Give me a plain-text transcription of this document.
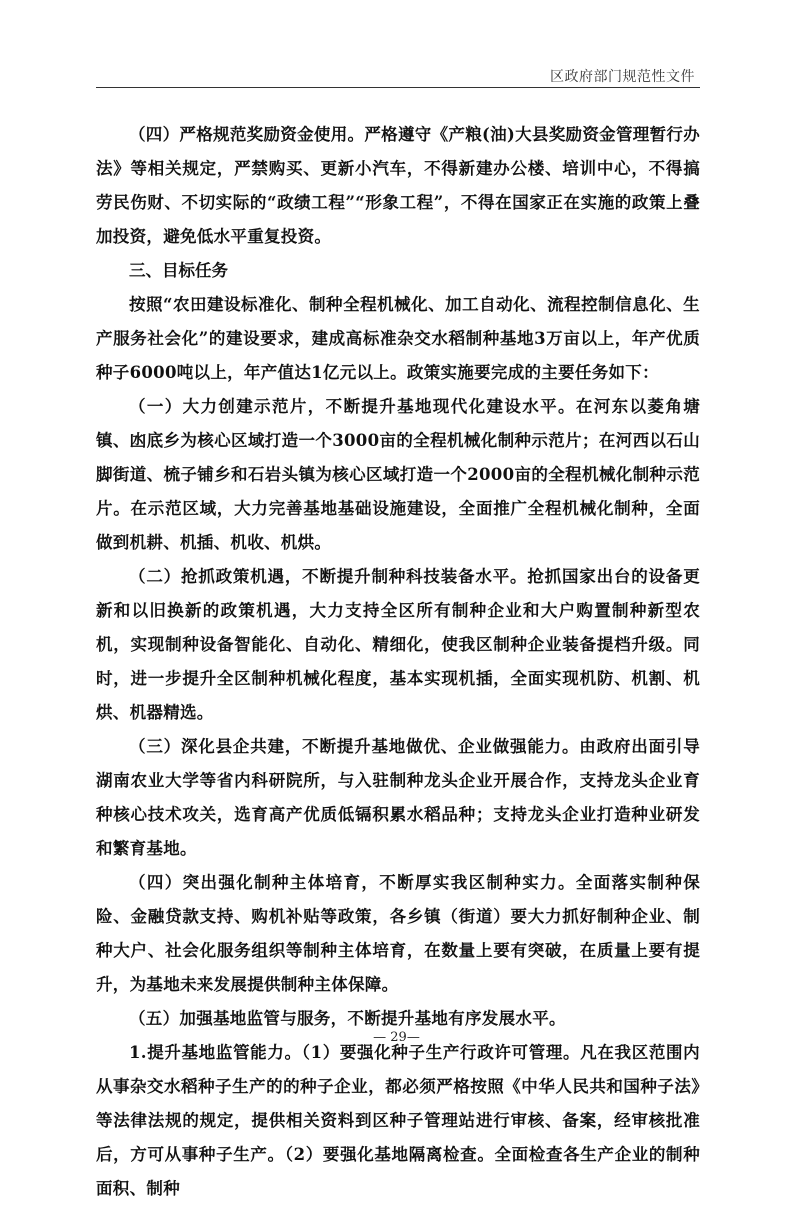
区政府部门规范性文件

（四）严格规范奖励资金使用。严格遵守《产粮(油)大县奖励资金管理暂行办法》等相关规定，严禁购买、更新小汽车，不得新建办公楼、培训中心，不得搞劳民伤财、不切实际的“政绩工程”“形象工程”，不得在国家正在实施的政策上叠加投资，避免低水平重复投资。

三、目标任务

按照“农田建设标准化、制种全程机械化、加工自动化、流程控制信息化、生产服务社会化”的建设要求，建成高标准杂交水稻制种基地3万亩以上，年产优质种子6000吨以上，年产值达1亿元以上。政策实施要完成的主要任务如下：

（一）大力创建示范片，不断提升基地现代化建设水平。在河东以菱角塘镇、凼底乡为核心区域打造一个3000亩的全程机械化制种示范片；在河西以石山脚街道、梳子铺乡和石岩头镇为核心区域打造一个2000亩的全程机械化制种示范片。在示范区域，大力完善基地基础设施建设，全面推广全程机械化制种，全面做到机耕、机插、机收、机烘。

（二）抢抓政策机遇，不断提升制种科技装备水平。抢抓国家出台的设备更新和以旧换新的政策机遇，大力支持全区所有制种企业和大户购置制种新型农机，实现制种设备智能化、自动化、精细化，使我区制种企业装备提档升级。同时，进一步提升全区制种机械化程度，基本实现机插，全面实现机防、机割、机烘、机器精选。

（三）深化县企共建，不断提升基地做优、企业做强能力。由政府出面引导湖南农业大学等省内科研院所，与入驻制种龙头企业开展合作，支持龙头企业育种核心技术攻关，选育高产优质低镉积累水稻品种；支持龙头企业打造种业研发和繁育基地。

（四）突出强化制种主体培育，不断厚实我区制种实力。全面落实制种保险、金融贷款支持、购机补贴等政策，各乡镇（街道）要大力抓好制种企业、制种大户、社会化服务组织等制种主体培育，在数量上要有突破，在质量上要有提升，为基地未来发展提供制种主体保障。

（五）加强基地监管与服务，不断提升基地有序发展水平。

1.提升基地监管能力。（1）要强化种子生产行政许可管理。凡在我区范围内从事杂交水稻种子生产的的种子企业，都必须严格按照《中华人民共和国种子法》等法律法规的规定，提供相关资料到区种子管理站进行审核、备案，经审核批准后，方可从事种子生产。（2）要强化基地隔离检查。全面检查各生产企业的制种面积、制种

— 29—
